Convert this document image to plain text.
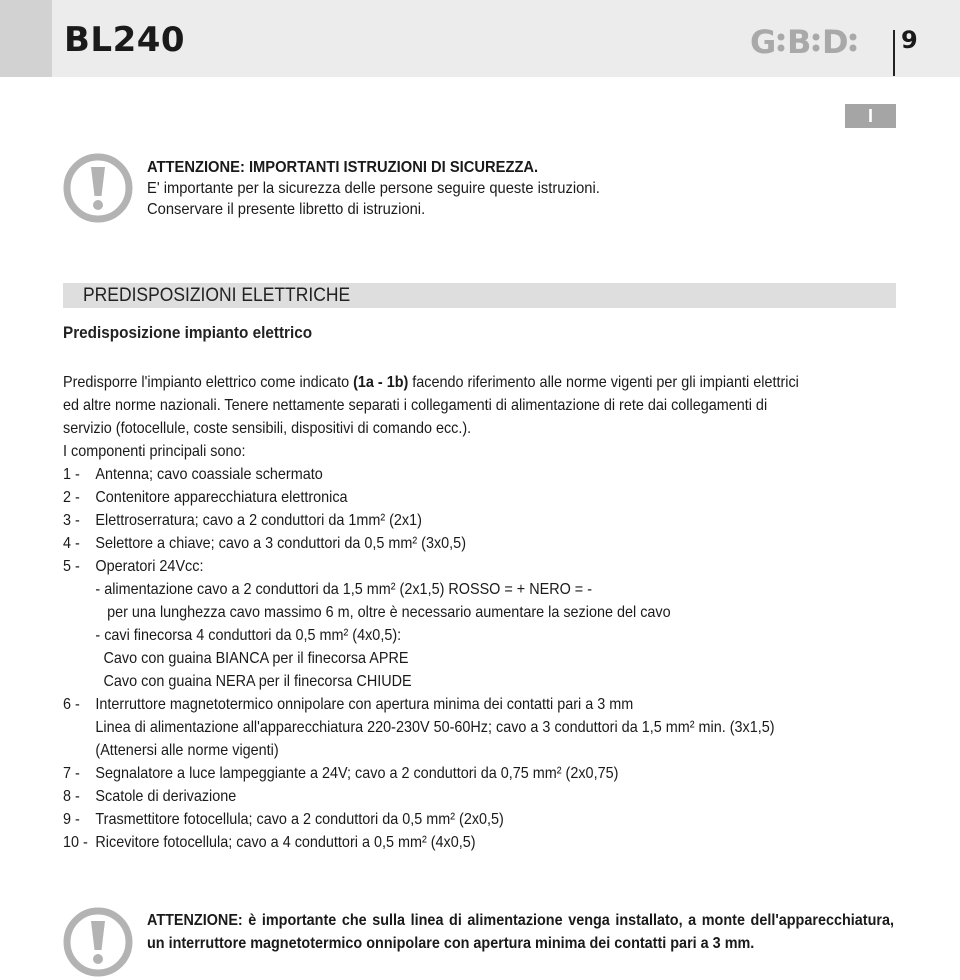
BL240	G B D 9
I
ATTENZIONE: IMPORTANTI ISTRUZIONI DI SICUREZZA.
E' importante per la sicurezza delle persone seguire queste istruzioni.
Conservare il presente libretto di istruzioni.
PREDISPOSIZIONI ELETTRICHE
Predisposizione impianto elettrico
Predisporre l'impianto elettrico come indicato (1a - 1b) facendo riferimento alle norme vigenti per gli impianti elettrici
ed altre norme nazionali. Tenere nettamente separati i collegamenti di alimentazione di rete dai collegamenti di
servizio (fotocellule, coste sensibili, dispositivi di comando ecc.).
I componenti principali sono:
1 - Antenna; cavo coassiale schermato
2 - Contenitore apparecchiatura elettronica
3 - Elettroserratura; cavo a 2 conduttori da 1mm² (2x1)
4 - Selettore a chiave; cavo a 3 conduttori da 0,5 mm² (3x0,5)
5 - Operatori 24Vcc:
- alimentazione cavo a 2 conduttori da 1,5 mm² (2x1,5) ROSSO = + NERO = -
per una lunghezza cavo massimo 6 m, oltre è necessario aumentare la sezione del cavo
- cavi finecorsa 4 conduttori da 0,5 mm² (4x0,5):
Cavo con guaina BIANCA per il finecorsa APRE
Cavo con guaina NERA per il finecorsa CHIUDE
6 - Interruttore magnetotermico onnipolare con apertura minima dei contatti pari a 3 mm
Linea di alimentazione all'apparecchiatura 220-230V 50-60Hz; cavo a 3 conduttori da 1,5 mm² min. (3x1,5)
(Attenersi alle norme vigenti)
7 - Segnalatore a luce lampeggiante a 24V; cavo a 2 conduttori da 0,75 mm² (2x0,75)
8 - Scatole di derivazione
9 - Trasmettitore fotocellula; cavo a 2 conduttori da 0,5 mm² (2x0,5)
10 - Ricevitore fotocellula; cavo a 4 conduttori a 0,5 mm² (4x0,5)
ATTENZIONE: è importante che sulla linea di alimentazione venga installato, a monte dell'apparecchiatura, un interruttore magnetotermico onnipolare con apertura minima dei contatti pari a 3 mm.
